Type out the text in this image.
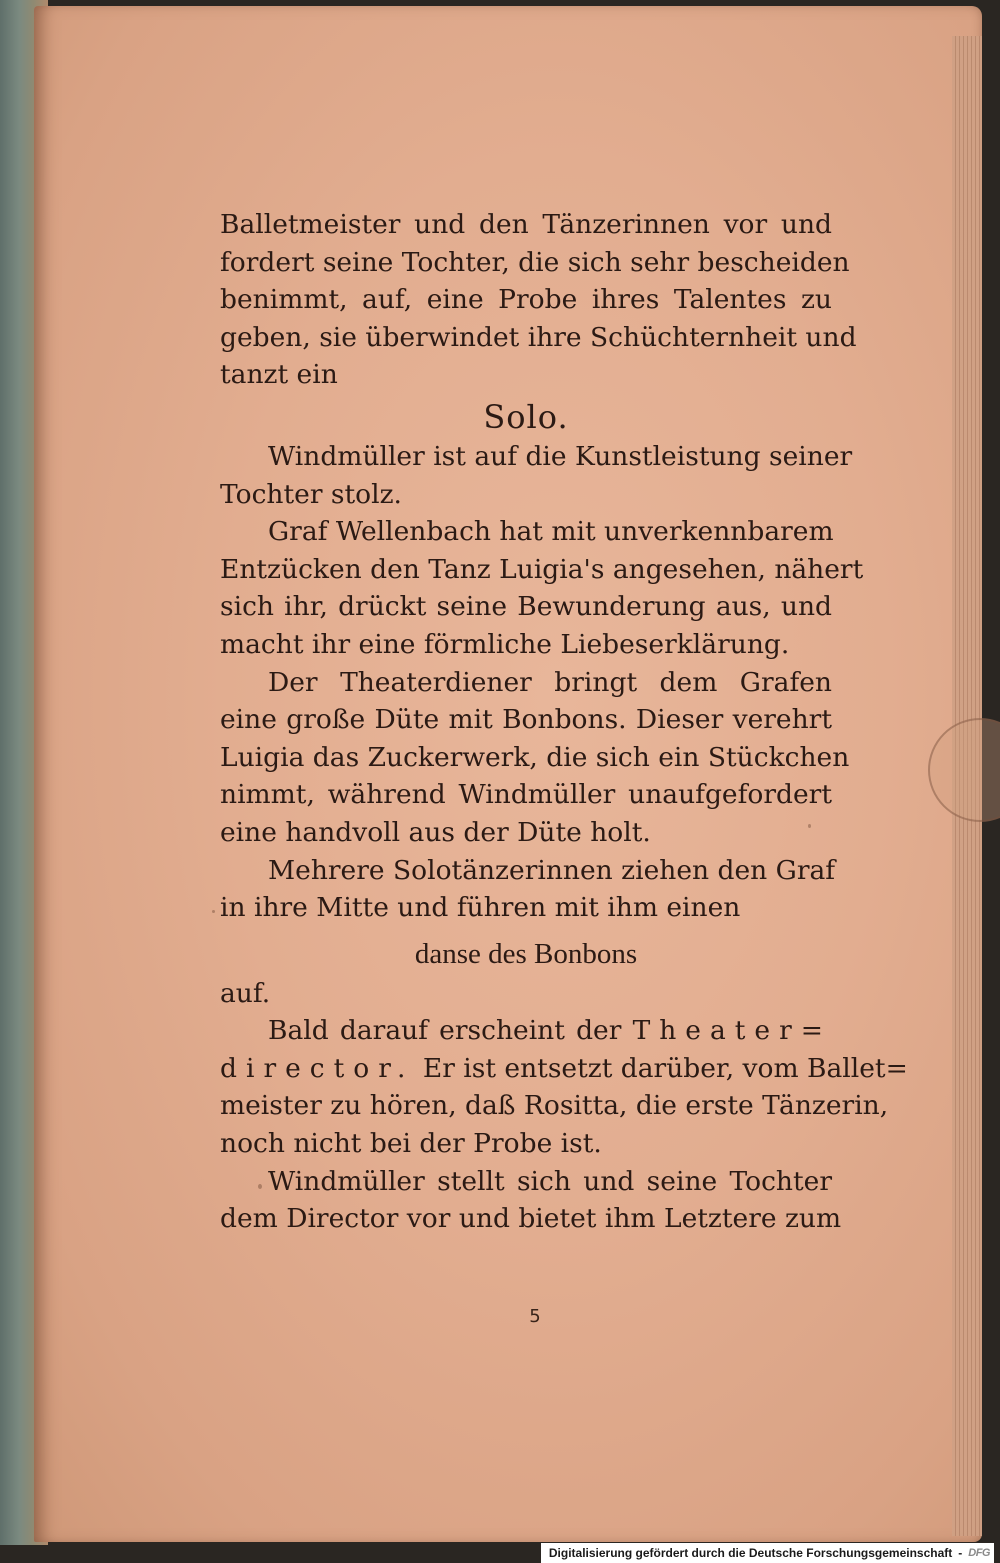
Balletmeister und den Tänzerinnen vor und
fordert seine Tochter, die sich sehr bescheiden
benimmt, auf, eine Probe ihres Talentes zu
geben, sie überwindet ihre Schüchternheit und
tanzt ein
Solo.
Windmüller ist auf die Kunstleistung seiner
Tochter stolz.
Graf Wellenbach hat mit unverkennbarem
Entzücken den Tanz Luigia's angesehen, nähert
sich ihr, drückt seine Bewunderung aus, und
macht ihr eine förmliche Liebeserklärung.
Der Theaterdiener bringt dem Grafen
eine große Düte mit Bonbons. Dieser verehrt
Luigia das Zuckerwerk, die sich ein Stückchen
nimmt, während Windmüller unaufgefordert
eine handvoll aus der Düte holt.
Mehrere Solotänzerinnen ziehen den Graf
in ihre Mitte und führen mit ihm einen
danse des Bonbons
auf.
Bald darauf erscheint der Theater=
director. Er ist entsetzt darüber, vom Ballet=
meister zu hören, daß Rositta, die erste Tänzerin,
noch nicht bei der Probe ist.
Windmüller stellt sich und seine Tochter
dem Director vor und bietet ihm Letztere zum
5
Digitalisierung gefördert durch die Deutsche Forschungsgemeinschaft - DFG
